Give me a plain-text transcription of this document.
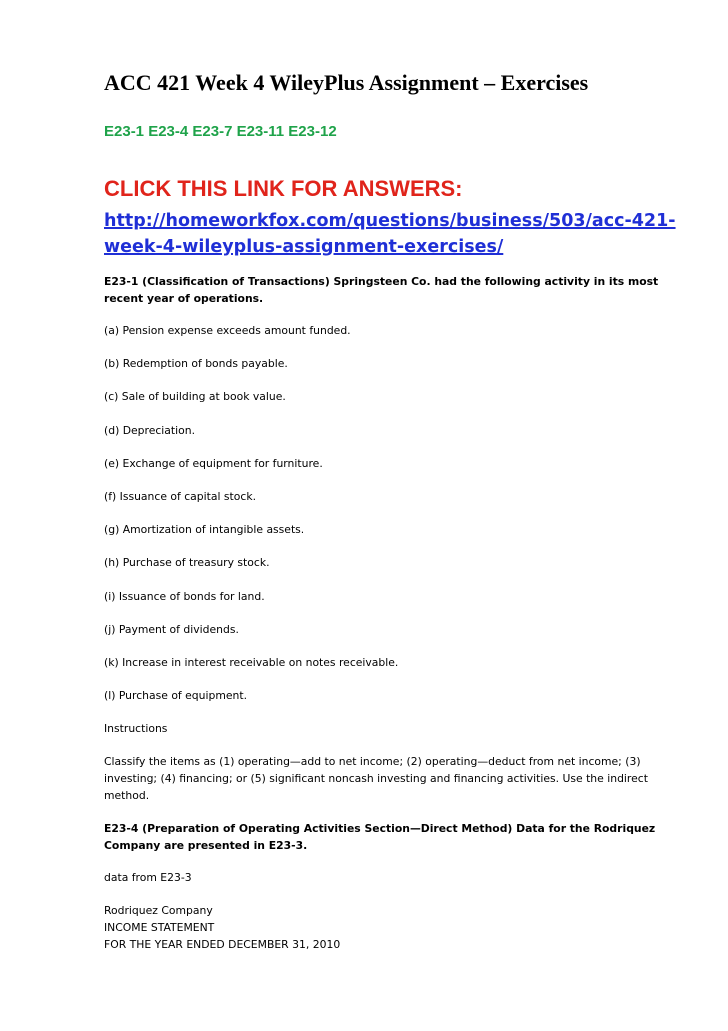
ACC 421 Week 4 WileyPlus Assignment – Exercises
E23-1 E23-4 E23-7 E23-11 E23-12
CLICK THIS LINK FOR ANSWERS:
http://homeworkfox.com/questions/business/503/acc-421-week-4-wileyplus-assignment-exercises/

E23-1 (Classification of Transactions) Springsteen Co. had the following activity in its most recent year of operations.

(a) Pension expense exceeds amount funded.

(b) Redemption of bonds payable.

(c) Sale of building at book value.

(d) Depreciation.

(e) Exchange of equipment for furniture.

(f) Issuance of capital stock.

(g) Amortization of intangible assets.

(h) Purchase of treasury stock.

(i) Issuance of bonds for land.

(j) Payment of dividends.

(k) Increase in interest receivable on notes receivable.

(l) Purchase of equipment.

Instructions

Classify the items as (1) operating—add to net income; (2) operating—deduct from net income; (3) investing; (4) financing; or (5) significant noncash investing and financing activities. Use the indirect method.

E23-4 (Preparation of Operating Activities Section—Direct Method) Data for the Rodriquez Company are presented in E23-3.

data from E23-3

Rodriquez Company

INCOME STATEMENT

FOR THE YEAR ENDED DECEMBER 31, 2010
